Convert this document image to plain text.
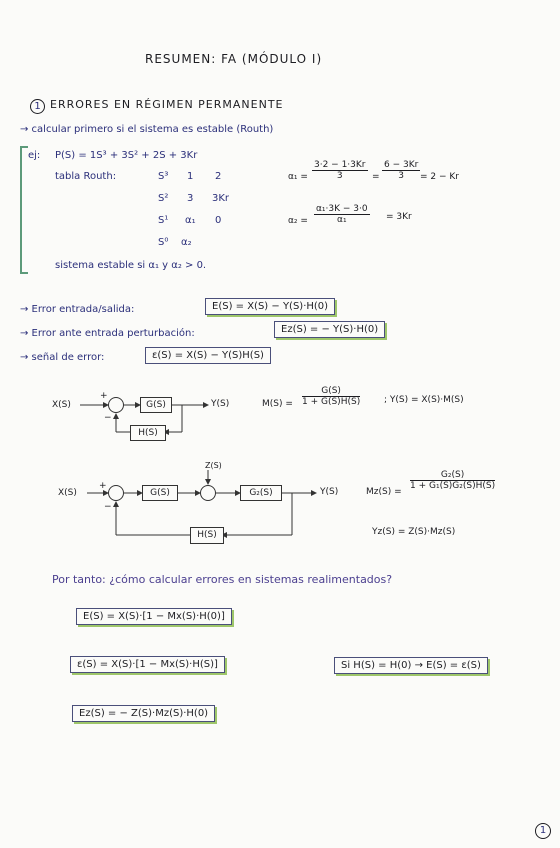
RESUMEN: FA (MÓDULO I)
1 ERRORES EN RÉGIMEN PERMANENTE
→ calcular primero si el sistema es estable (Routh)
ej: P(S) = 1S³ + 3S² + 2S + 3Kr
tabla Routh:	S³ 1 2
S² 3 3Kr
S¹ α₁ 0
S⁰ α₂
$\alpha_1 = \frac{3\cdot 2 - 1\cdot 3Kr}{3} = \frac{6 - 3Kr}{3} = 2 - Kr$
$\alpha_2 = \frac{\text{α₁·3K − 3·0}}{\text{α₁}} = 3Kr$
sistema estable si α₁ y α₂ > 0.
→ Error entrada/salida:	E(S) = X(S) − Y(S)·H(0)
→ Error ante entrada perturbación:	Ez(S) = − Y(S)·H(0)
→ señal de error:	ε(S) = X(S) − Y(S)H(S)
X(S)
+
−
G(S)
H(S)
Y(S)	$M(S) = \frac{G(S)}{1 + G(S)H(S)}$	; Y(S) = X(S)·M(S)
Z(S)
X(S)
+
−
G(S)	G₂(S)
H(S)
Y(S)	Mz(S) =
$\frac{\text{G₂(S)}}{\text{1 + G₁(S)G₂(S)H(S)}}$
Yz(S) = Z(S)·Mz(S)
Por tanto: ¿cómo calcular errores en sistemas realimentados?
E(S) = X(S)·[1 − Mx(S)·H(0)]
ε(S) = X(S)·[1 − Mx(S)·H(S)]
Ez(S) = − Z(S)·Mz(S)·H(0)
Si H(S) = H(0) → E(S) = ε(S)
1
